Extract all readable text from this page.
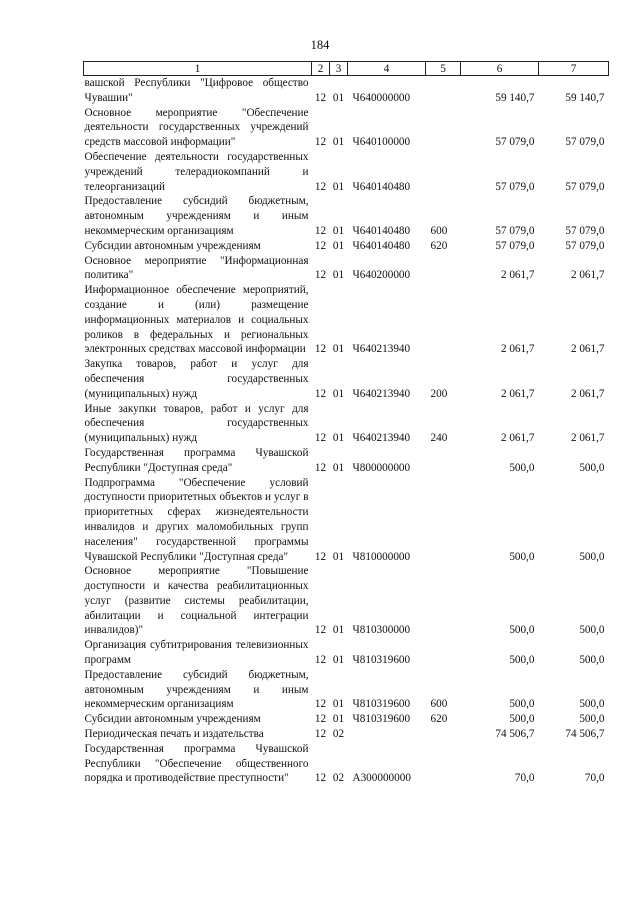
184
1	2	3	4	5	6	7
вашской Республики "Цифровое общество Чувашии"	12	01	Ч640000000		59 140,7	59 140,7
Основное мероприятие "Обеспечение деятельности государственных учреждений средств массовой информации"	12	01	Ч640100000		57 079,0	57 079,0
Обеспечение деятельности государственных учреждений телерадиокомпаний и телеорганизаций	12	01	Ч640140480		57 079,0	57 079,0
Предоставление субсидий бюджетным, автономным учреждениям и иным некоммерческим организациям	12	01	Ч640140480	600	57 079,0	57 079,0
Субсидии автономным учреждениям	12	01	Ч640140480	620	57 079,0	57 079,0
Основное мероприятие "Информационная политика"	12	01	Ч640200000		2 061,7	2 061,7
Информационное обеспечение мероприятий, создание и (или) размещение информационных материалов и социальных роликов в федеральных и региональных электронных средствах массовой информации	12	01	Ч640213940		2 061,7	2 061,7
Закупка товаров, работ и услуг для обеспечения государственных (муниципальных) нужд	12	01	Ч640213940	200	2 061,7	2 061,7
Иные закупки товаров, работ и услуг для обеспечения государственных (муниципальных) нужд	12	01	Ч640213940	240	2 061,7	2 061,7
Государственная программа Чувашской Республики "Доступная среда"	12	01	Ч800000000		500,0	500,0
Подпрограмма "Обеспечение условий доступности приоритетных объектов и услуг в приоритетных сферах жизнедеятельности инвалидов и других маломобильных групп населения" государственной программы Чувашской Республики "Доступная среда"	12	01	Ч810000000		500,0	500,0
Основное мероприятие "Повышение доступности и качества реабилитационных услуг (развитие системы реабилитации, абилитации и социальной интеграции инвалидов)"	12	01	Ч810300000		500,0	500,0
Организация субтитрирования телевизионных программ	12	01	Ч810319600		500,0	500,0
Предоставление субсидий бюджетным, автономным учреждениям и иным некоммерческим организациям	12	01	Ч810319600	600	500,0	500,0
Субсидии автономным учреждениям	12	01	Ч810319600	620	500,0	500,0
Периодическая печать и издательства	12	02			74 506,7	74 506,7
Государственная программа Чувашской Республики "Обеспечение общественного порядка и противодействие преступности"	12	02	А300000000		70,0	70,0
